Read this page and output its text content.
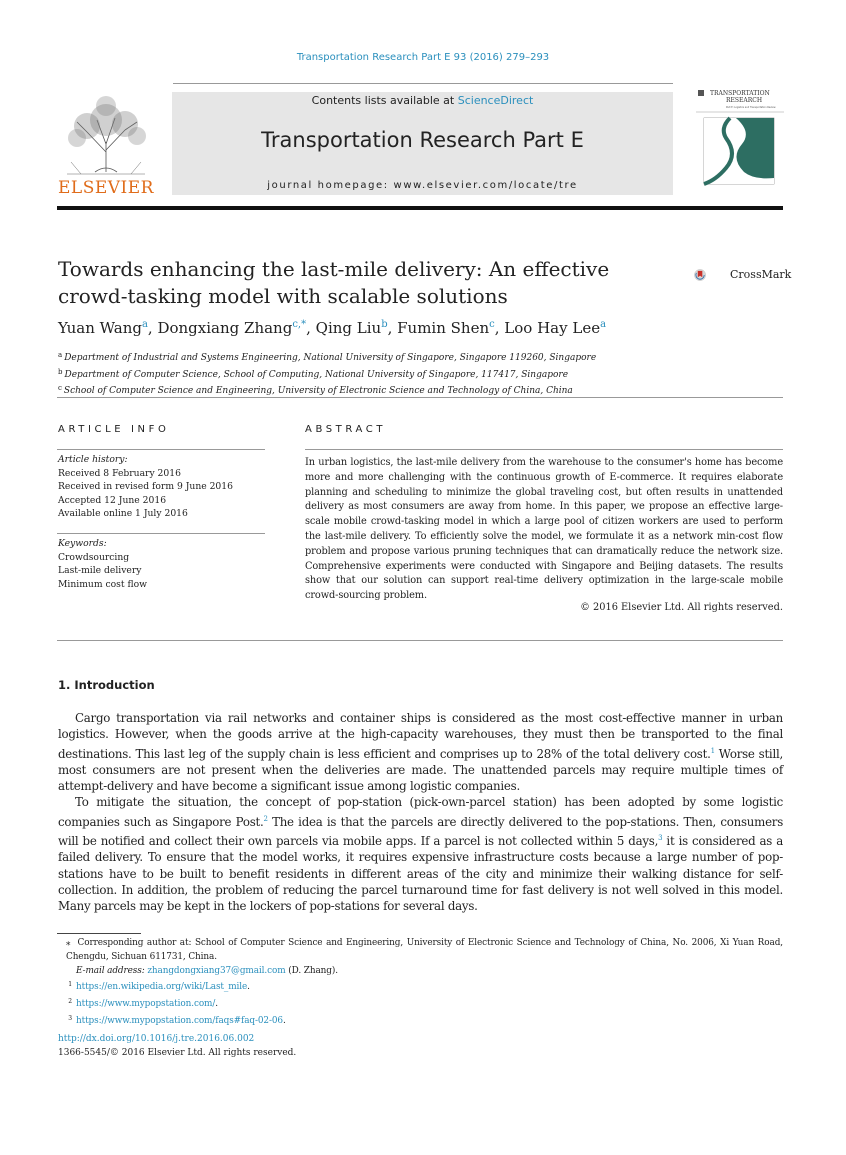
Transportation Research Part E 93 (2016) 279–293
ELSEVIER
Contents lists available at ScienceDirect
Transportation Research Part E
journal homepage: www.elsevier.com/locate/tre
TRANSPORTATION
RESEARCH
Part E: Logistics and Transportation Review
Towards enhancing the last-mile delivery: An effective
crowd-tasking model with scalable solutions
CrossMark
Yuan Wang$^a$, Dongxiang Zhang$^{c,*}$, Qing Liu$^b$, Fumin Shen$^c$, Loo Hay Lee$^a$
$^a$ Department of Industrial and Systems Engineering, National University of Singapore, Singapore 119260, Singapore
$^b$ Department of Computer Science, School of Computing, National University of Singapore, 117417, Singapore
$^c$ School of Computer Science and Engineering, University of Electronic Science and Technology of China, China
ARTICLE INFO	ABSTRACT
Article history:
Received 8 February 2016
Received in revised form 9 June 2016
Accepted 12 June 2016
Available online 1 July 2016
Keywords:
Crowdsourcing
Last-mile delivery
Minimum cost flow
In urban logistics, the last-mile delivery from the warehouse to the consumer's home has become more and more challenging with the continuous growth of E-commerce. It requires elaborate planning and scheduling to minimize the global traveling cost, but often results in unattended delivery as most consumers are away from home. In this paper, we propose an effective large-scale mobile crowd-tasking model in which a large pool of citizen workers are used to perform the last-mile delivery. To efficiently solve the model, we formulate it as a network min-cost flow problem and propose various pruning techniques that can dramatically reduce the network size. Comprehensive experiments were conducted with Singapore and Beijing datasets. The results show that our solution can support real-time delivery optimization in the large-scale mobile crowd-sourcing problem.
© 2016 Elsevier Ltd. All rights reserved.
1. Introduction

Cargo transportation via rail networks and container ships is considered as the most cost-effective manner in urban logistics. However, when the goods arrive at the high-capacity warehouses, they must then be transported to the final destinations. This last leg of the supply chain is less efficient and comprises up to 28% of the total delivery cost.$^1$ Worse still, most consumers are not present when the deliveries are made. The unattended parcels may require multiple times of attempt-delivery and have become a significant issue among logistic companies.

To mitigate the situation, the concept of pop-station (pick-own-parcel station) has been adopted by some logistic companies such as Singapore Post.$^2$ The idea is that the parcels are directly delivered to the pop-stations. Then, consumers will be notified and collect their own parcels via mobile apps. If a parcel is not collected within 5 days,$^3$ it is considered as a failed delivery. To ensure that the model works, it requires expensive infrastructure costs because a large number of pop-stations have to be built to benefit residents in different areas of the city and minimize their walking distance for self-collection. In addition, the problem of reducing the parcel turnaround time for fast delivery is not well solved in this model. Many parcels may be kept in the lockers of pop-stations for several days.

⁎  Corresponding author at: School of Computer Science and Engineering, University of Electronic Science and Technology of China, No. 2006, Xi Yuan Road, Chengdu, Sichuan 611731, China.
E-mail address: zhangdongxiang37@gmail.com (D. Zhang).
$^1$ https://en.wikipedia.org/wiki/Last_mile.
$^2$ https://www.mypopstation.com/.
$^3$ https://www.mypopstation.com/faqs#faq-02-06.
http://dx.doi.org/10.1016/j.tre.2016.06.002
1366-5545/© 2016 Elsevier Ltd. All rights reserved.
